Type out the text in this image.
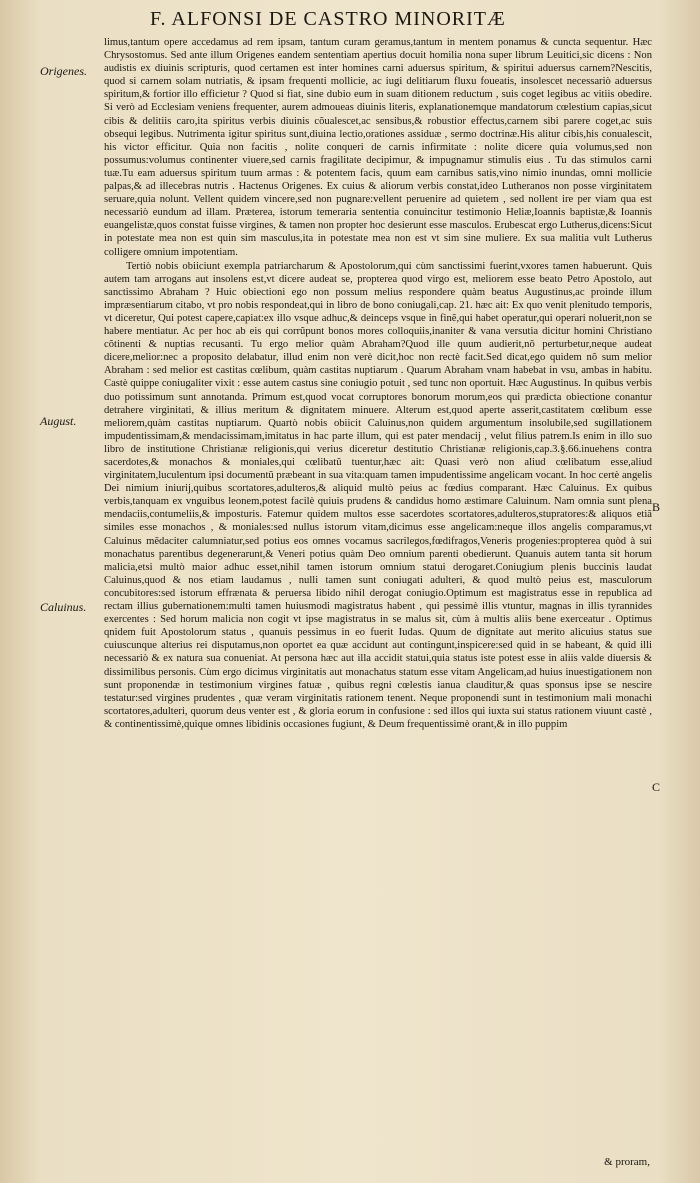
F. ALFONSI DE CASTRO MINORITÆ
Origenes.
August.
Caluinus.
B
C

limus,tantum opere accedamus ad rem ipsam, tantum curam geramus,tantum in mentem ponamus & cuncta sequentur. Hæc Chrysostomus. Sed ante illum Origenes eandem sententiam apertius docuit homilia nona super librum Leuitici,sic dicens : Non audistis ex diuinis scripturis, quod certamen est inter homines carni aduersus spiritum, & spiritui aduersus carnem?Nescitis, quod si carnem solam nutriatis, & ipsam frequenti mollicie, ac iugi delitiarum fluxu foueatis, insolescet necessariò aduersus spiritum,& fortior illo efficietur ? Quod si fiat, sine dubio eum in suam ditionem reductum , suis coget legibus ac vitiis obedire. Si verò ad Ecclesiam veniens frequenter, aurem admoueas diuinis literis, explanationemque mandatorum cœlestium capias,sicut cibis & delitiis caro,ita spiritus verbis diuinis cõualescet,ac sensibus,& robustior effectus,carnem sibi parere coget,ac suis obsequi legibus. Nutrimenta igitur spiritus sunt,diuina lectio,orationes assiduæ , sermo doctrinæ.His alitur cibis,his conualescit, his victor efficitur. Quia non facitis , nolite conqueri de carnis infirmitate : nolite dicere quia volumus,sed non possumus:volumus continenter viuere,sed carnis fragilitate decipimur, & impugnamur stimulis eius . Tu das stimulos carni tuæ.Tu eam aduersus spiritum tuum armas : & potentem facis, quum eam carnibus satis,vino nimio inundas, omni mollicie palpas,& ad illecebras nutris . Hactenus Origenes. Ex cuius & aliorum verbis constat,ideo Lutheranos non posse virginitatem seruare,quia nolunt. Vellent quidem vincere,sed non pugnare:vellent peruenire ad quietem , sed nollent ire per viam qua est necessariò eundum ad illam. Præterea, istorum temeraria sententia conuincitur testimonio Heliæ,Ioannis baptistæ,& Ioannis euangelistæ,quos constat fuisse virgines, & tamen non propter hoc desierunt esse masculos. Erubescat ergo Lutherus,dicens:Sicut in potestate mea non est quin sim masculus,ita in potestate mea non est vt sim sine muliere. Ex sua malitia vult Lutherus colligere omnium impotentiam.

Tertiò nobis obiiciunt exempla patriarcharum & Apostolorum,qui cùm sanctissimi fuerint,vxores tamen habuerunt. Quis autem tam arrogans aut insolens est,vt dicere audeat se, propterea quod virgo est, meliorem esse beato Petro Apostolo, aut sanctissimo Abraham ? Huic obiectioni ego non possum melius respondere quàm beatus Augustinus,ac proinde illum impræsentiarum citabo, vt pro nobis respondeat,qui in libro de bono coniugali,cap. 21. hæc ait: Ex quo venit plenitudo temporis, vt diceretur, Qui potest capere,capiat:ex illo vsque adhuc,& deinceps vsque in finẽ,qui habet operatur,qui operari noluerit,non se habere mentiatur. Ac per hoc ab eis qui corrũpunt bonos mores colloquiis,inaniter & vana versutia dicitur homini Christiano cõtinenti & nuptias recusanti. Tu ergo melior quàm Abraham?Quod ille quum audierit,nõ perturbetur,neque audeat dicere,melior:nec a proposito delabatur, illud enim non verè dicit,hoc non rectè facit.Sed dicat,ego quidem nõ sum melior Abraham : sed melior est castitas cœlibum, quàm castitas nuptiarum . Quarum Abraham vnam habebat in vsu, ambas in habitu. Castè quippe coniugaliter vixit : esse autem castus sine coniugio potuit , sed tunc non oportuit. Hæc Augustinus. In quibus verbis duo potissimum sunt annotanda. Primum est,quod vocat corruptores bonorum morum,eos qui prædicta obiectione conantur detrahere virginitati, & illius meritum & dignitatem minuere. Alterum est,quod aperte asserit,castitatem cœlibum esse meliorem,quàm castitas nuptiarum. Quartò nobis obiicit Caluinus,non quidem argumentum insolubile,sed sugillationem impudentissimam,& mendacissimam,imitatus in hac parte illum, qui est pater mendacij , velut filius patrem.Is enim in illo suo libro de institutione Christianæ religionis,qui verius diceretur destitutio Christianæ religionis,cap.3.§.66.inuehens contra sacerdotes,& monachos & moniales,qui cœlibatũ tuentur,hæc ait: Quasi verò non aliud cœlibatum esse,aliud virginitatem,luculentum ipsi documentũ præbeant in sua vita:quam tamen impudentissime angelicam vocant. In hoc certè angelis Dei nimium iniurij,quibus scortatores,adulteros,& aliquid multò peius ac fœdius comparant. Hæc Caluinus. Ex quibus verbis,tanquam ex vnguibus leonem,potest facilè quiuis prudens & candidus homo æstimare Caluinum. Nam omnia sunt plena mendaciis,contumeliis,& imposturis. Fatemur quidem multos esse sacerdotes scortatores,adulteros,stupratores:& aliquos etiã similes esse monachos , & moniales:sed nullus istorum vitam,dicimus esse angelicam:neque illos angelis comparamus,vt Caluinus mẽdaciter calumniatur,sed potius eos omnes vocamus sacrilegos,fœdifragos,Veneris progenies:propterea quòd à sui monachatus parentibus degenerarunt,& Veneri potius quàm Deo omnium parenti obedierunt. Quanuis autem tanta sit horum malicia,etsi multò maior adhuc esset,nihil tamen istorum omnium statui derogaret.Coniugium plenis buccinis laudat Caluinus,quod & nos etiam laudamus , nulli tamen sunt coniugati adulteri, & quod multò peius est, masculorum concubitores:sed istorum effrænata & peruersa libido nihil derogat coniugio.Optimum est magistratus esse in republica ad rectam illius gubernationem:multi tamen huiusmodi magistratus habent , qui pessimè illis vtuntur, magnas in illis tyrannides exercentes : Sed horum malicia non cogit vt ipse magistratus in se malus sit, cùm à multis aliis bene exerceatur . Optimus qnidem fuit Apostolorum status , quanuis pessimus in eo fuerit Iudas. Quum de dignitate aut merito alicuius status sue cuiuscunque alterius rei disputamus,non oportet ea quæ accidunt aut contingunt,inspicere:sed quid in se habeant, & quid illi necessariò & ex natura sua conueniat. At persona hæc aut illa accidit statui,quia status iste potest esse in aliis valde diuersis & dissimilibus personis. Cùm ergo dicimus virginitatis aut monachatus statum esse vitam Angelicam,ad huius inuestigationem non sunt proponendæ in testimonium virgines fatuæ , quibus regni cœlestis ianua clauditur,& quas sponsus ipse se nescire testatur:sed virgines prudentes , quæ veram virginitatis rationem tenent. Neque proponendi sunt in testimonium mali monachi scortatores,adulteri, quorum deus venter est , & gloria eorum in confusione : sed illos qui iuxta sui status rationem viuunt castè , & continentissimè,quique omnes libidinis occasiones fugiunt, & Deum frequentissimè orant,& in illo puppim

& proram,
